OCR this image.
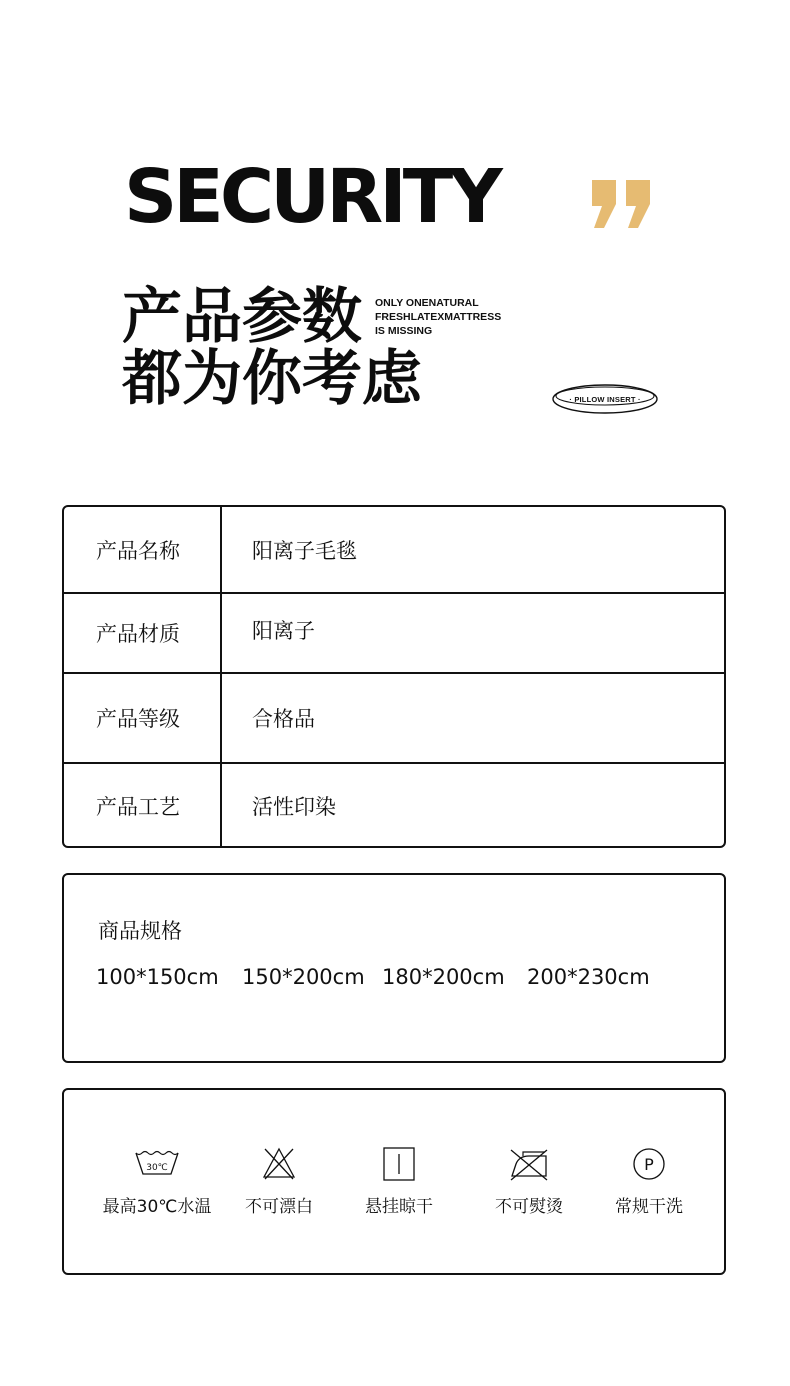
SECURITY
产品参数
都为你考虑

ONLY ONENATURAL
FRESHLATEXMATTRESS
IS MISSING

· PILLOW INSERT ·
产品名称	阳离子毛毯
产品材质	阳离子
产品等级	合格品
产品工艺	活性印染
商品规格
100*150cm 150*200cm 180*200cm 200*230cm
30℃
最高30℃水温	不可漂白	悬挂晾干	不可熨烫
P
常规干洗
